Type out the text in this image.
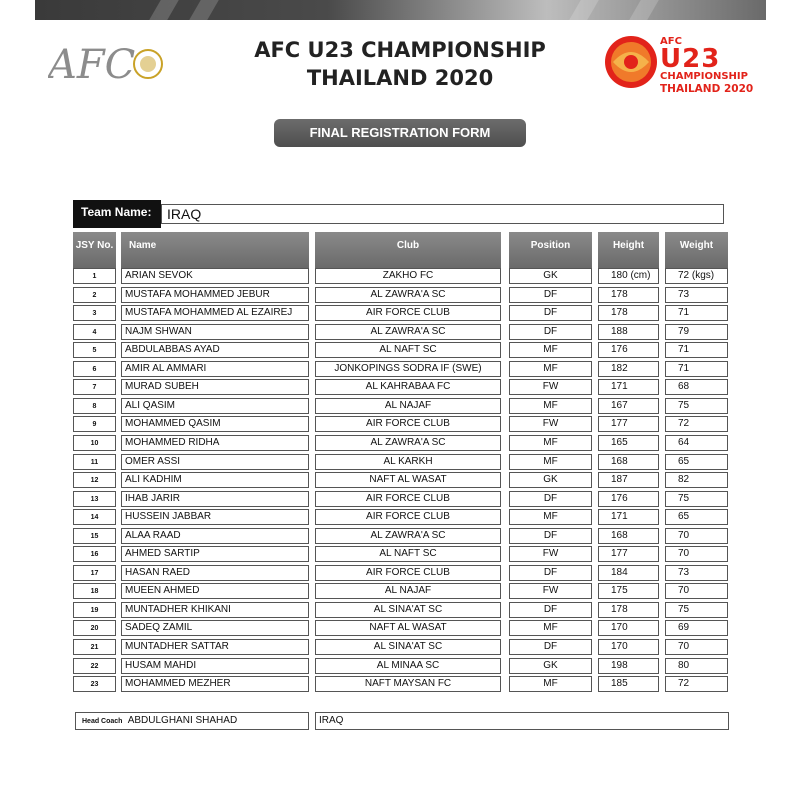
AFC	AFC U23 CHAMPIONSHIP
THAILAND 2020
AFC
U23
CHAMPIONSHIP
THAILAND 2020
FINAL REGISTRATION FORM
Team Name:	IRAQ
JSY No.	Name	Club	Position	Height	Weight
1	ARIAN SEVOK	ZAKHO FC	GK	180 (cm)	72 (kgs)
2	MUSTAFA MOHAMMED JEBUR	AL ZAWRA'A SC	DF	178	73
3	MUSTAFA MOHAMMED AL EZAIREJ	AIR FORCE CLUB	DF	178	71
4	NAJM SHWAN	AL ZAWRA'A SC	DF	188	79
5	ABDULABBAS AYAD	AL NAFT SC	MF	176	71
6	AMIR AL AMMARI	JONKOPINGS SODRA IF (SWE)	MF	182	71
7	MURAD SUBEH	AL KAHRABAA FC	FW	171	68
8	ALI QASIM	AL NAJAF	MF	167	75
9	MOHAMMED QASIM	AIR FORCE CLUB	FW	177	72
10	MOHAMMED RIDHA	AL ZAWRA'A SC	MF	165	64
11	OMER ASSI	AL KARKH	MF	168	65
12	ALI KADHIM	NAFT AL WASAT	GK	187	82
13	IHAB JARIR	AIR FORCE CLUB	DF	176	75
14	HUSSEIN JABBAR	AIR FORCE CLUB	MF	171	65
15	ALAA RAAD	AL ZAWRA'A SC	DF	168	70
16	AHMED SARTIP	AL NAFT SC	FW	177	70
17	HASAN RAED	AIR FORCE CLUB	DF	184	73
18	MUEEN AHMED	AL NAJAF	FW	175	70
19	MUNTADHER KHIKANI	AL SINA'AT SC	DF	178	75
20	SADEQ ZAMIL	NAFT AL WASAT	MF	170	69
21	MUNTADHER SATTAR	AL SINA'AT SC	DF	170	70
22	HUSAM MAHDI	AL MINAA SC	GK	198	80
23	MOHAMMED MEZHER	NAFT MAYSAN FC	MF	185	72
Head Coach ABDULGHANI SHAHAD	IRAQ
